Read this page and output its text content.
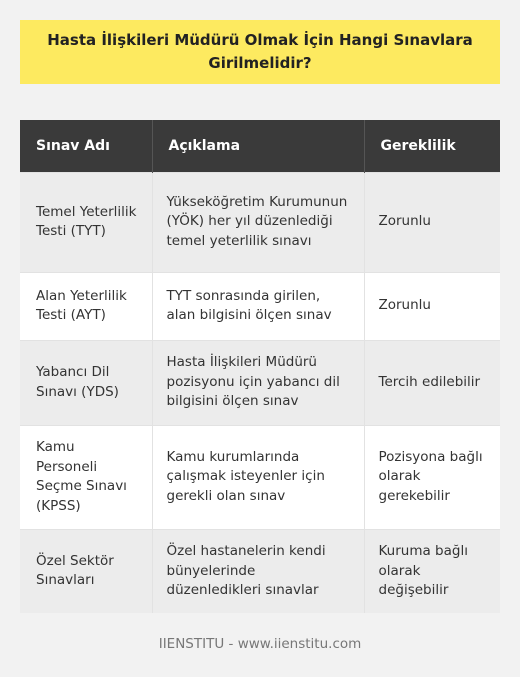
Hasta İlişkileri Müdürü Olmak İçin Hangi Sınavlara Girilmelidir?
Sınav Adı	Açıklama	Gereklilik
Temel Yeterlilik Testi (TYT)	Yükseköğretim Kurumunun (YÖK) her yıl düzenlediği temel yeterlilik sınavı	Zorunlu
Alan Yeterlilik Testi (AYT)	TYT sonrasında girilen, alan bilgisini ölçen sınav	Zorunlu
Yabancı Dil Sınavı (YDS)	Hasta İlişkileri Müdürü pozisyonu için yabancı dil bilgisini ölçen sınav	Tercih edilebilir
Kamu Personeli Seçme Sınavı (KPSS)	Kamu kurumlarında çalışmak isteyenler için gerekli olan sınav	Pozisyona bağlı olarak gerekebilir
Özel Sektör Sınavları	Özel hastanelerin kendi bünyelerinde düzenledikleri sınavlar	Kuruma bağlı olarak değişebilir
IIENSTITU - www.iienstitu.com
